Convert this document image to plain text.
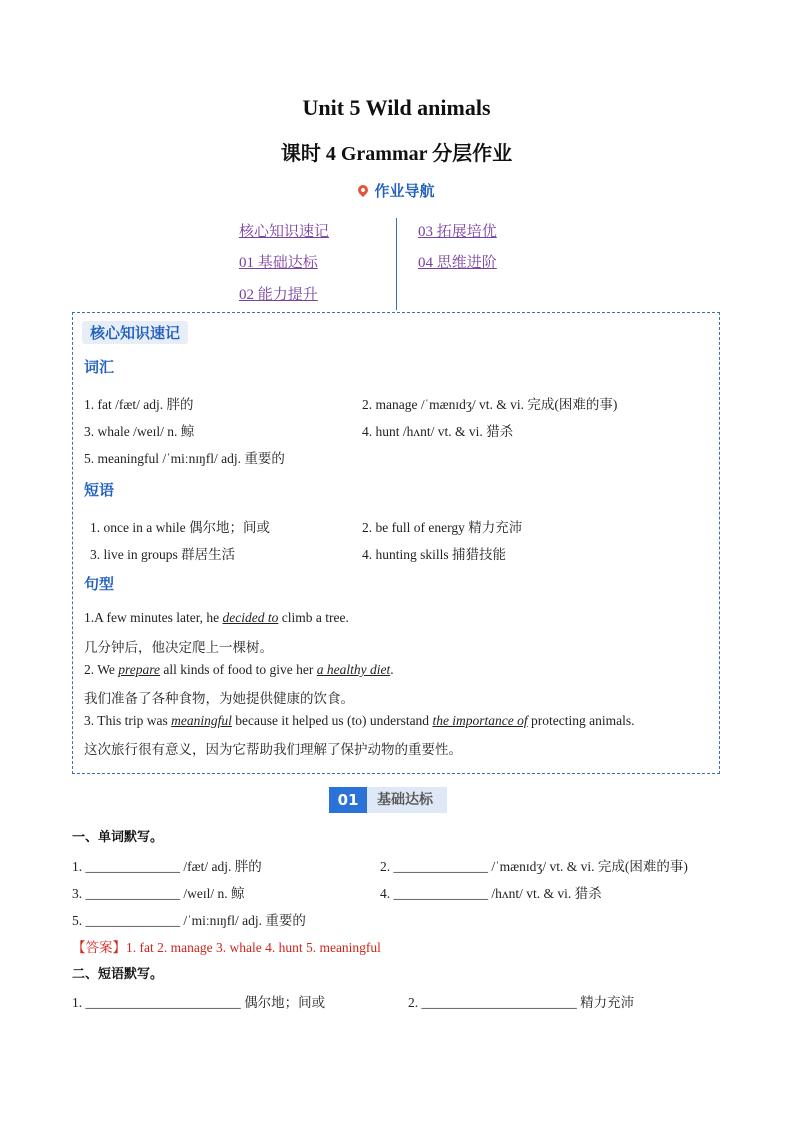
Unit 5 Wild animals
课时 4 Grammar 分层作业
作业导航
核心知识速记
01 基础达标
02 能力提升
03 拓展培优
04 思维进阶
核心知识速记
词汇
1. fat /fæt/ adj. 胖的	2. manage /ˈmænɪdʒ/ vt. & vi. 完成(困难的事)
3. whale /weɪl/ n. 鲸	4. hunt /hʌnt/ vt. & vi. 猎杀
5. meaningful /ˈmiːnɪŋfl/ adj. 重要的
短语
1. once in a while 偶尔地；间或	2. be full of energy 精力充沛
3. live in groups 群居生活	4. hunting skills 捕猎技能
句型
1.A few minutes later, he decided to climb a tree.
几分钟后，他决定爬上一棵树。
2. We prepare all kinds of food to give her a healthy diet.
我们准备了各种食物，为她提供健康的饮食。
3. This trip was meaningful because it helped us (to) understand the importance of protecting animals.
这次旅行很有意义，因为它帮助我们理解了保护动物的重要性。
01	基础达标
一、单词默写。
1. ______________ /fæt/ adj. 胖的	2. ______________ /ˈmænɪdʒ/ vt. & vi. 完成(困难的事)
3. ______________ /weɪl/ n. 鲸	4. ______________ /hʌnt/ vt. & vi. 猎杀
5. ______________ /ˈmiːnɪŋfl/ adj. 重要的
【答案】1. fat 2. manage 3. whale 4. hunt 5. meaningful
二、短语默写。
1. _______________________ 偶尔地；间或	2. _______________________ 精力充沛
